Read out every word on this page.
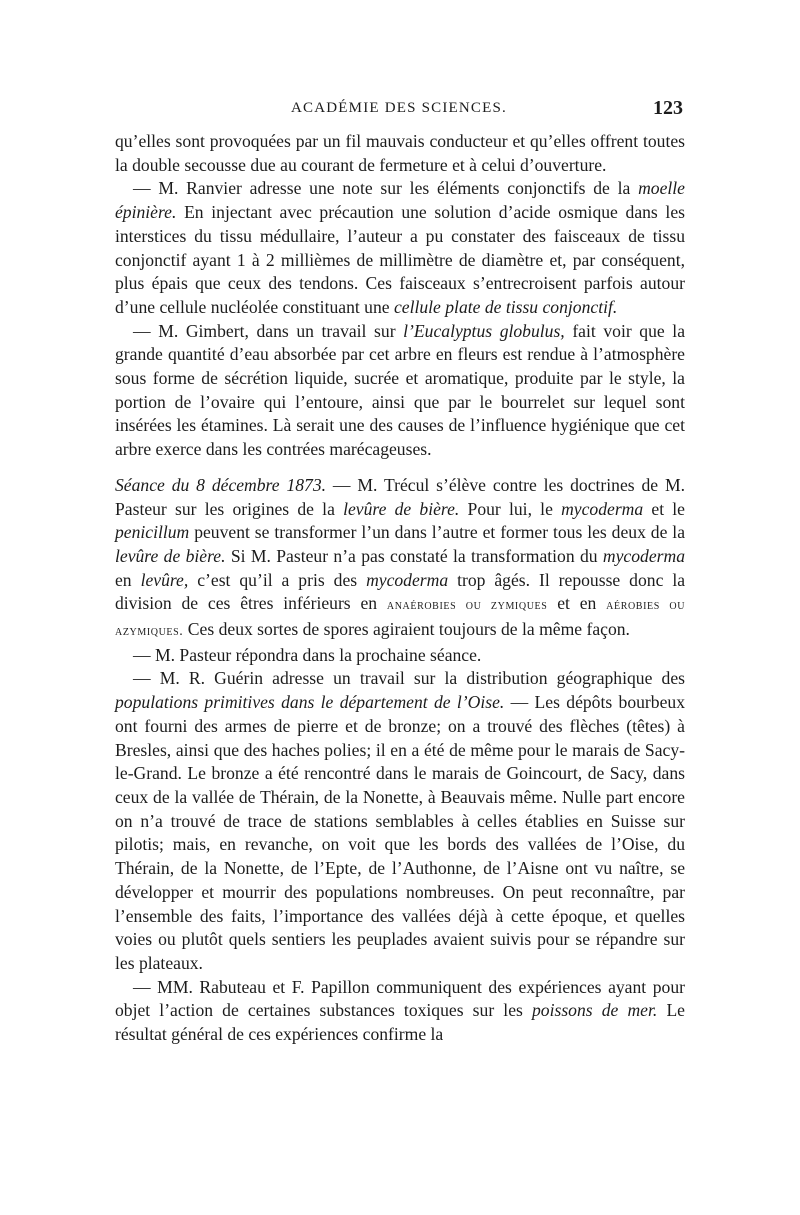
ACADÉMIE DES SCIENCES.	123

qu’elles sont provoquées par un fil mauvais conducteur et qu’elles offrent toutes la double secousse due au courant de fermeture et à celui d’ouverture.

— M. Ranvier adresse une note sur les éléments conjonctifs de la moelle épinière. En injectant avec précaution une solution d’acide osmique dans les interstices du tissu médullaire, l’auteur a pu constater des faisceaux de tissu conjonctif ayant 1 à 2 millièmes de millimètre de diamètre et, par conséquent, plus épais que ceux des tendons. Ces faisceaux s’entrecroisent parfois autour d’une cellule nucléolée constituant une cellule plate de tissu conjonctif.

— M. Gimbert, dans un travail sur l’Eucalyptus globulus, fait voir que la grande quantité d’eau absorbée par cet arbre en fleurs est rendue à l’atmosphère sous forme de sécrétion liquide, sucrée et aromatique, produite par le style, la portion de l’ovaire qui l’entoure, ainsi que par le bourrelet sur lequel sont insérées les étamines. Là serait une des causes de l’influence hygiénique que cet arbre exerce dans les contrées marécageuses.

Séance du 8 décembre 1873. — M. Trécul s’élève contre les doctrines de M. Pasteur sur les origines de la levûre de bière. Pour lui, le mycoderma et le penicillum peuvent se transformer l’un dans l’autre et former tous les deux de la levûre de bière. Si M. Pasteur n’a pas constaté la transformation du mycoderma en levûre, c’est qu’il a pris des mycoderma trop âgés. Il repousse donc la division de ces êtres inférieurs en anaérobies ou zymiques et en aérobies ou azymiques. Ces deux sortes de spores agiraient toujours de la même façon.

— M. Pasteur répondra dans la prochaine séance.

— M. R. Guérin adresse un travail sur la distribution géographique des populations primitives dans le département de l’Oise. — Les dépôts bourbeux ont fourni des armes de pierre et de bronze; on a trouvé des flèches (têtes) à Bresles, ainsi que des haches polies; il en a été de même pour le marais de Sacy-le-Grand. Le bronze a été rencontré dans le marais de Goincourt, de Sacy, dans ceux de la vallée de Thérain, de la Nonette, à Beauvais même. Nulle part encore on n’a trouvé de trace de stations semblables à celles établies en Suisse sur pilotis; mais, en revanche, on voit que les bords des vallées de l’Oise, du Thérain, de la Nonette, de l’Epte, de l’Authonne, de l’Aisne ont vu naître, se développer et mourrir des populations nombreuses. On peut reconnaître, par l’ensemble des faits, l’importance des vallées déjà à cette époque, et quelles voies ou plutôt quels sentiers les peuplades avaient suivis pour se répandre sur les plateaux.

— MM. Rabuteau et F. Papillon communiquent des expériences ayant pour objet l’action de certaines substances toxiques sur les poissons de mer. Le résultat général de ces expériences confirme la
